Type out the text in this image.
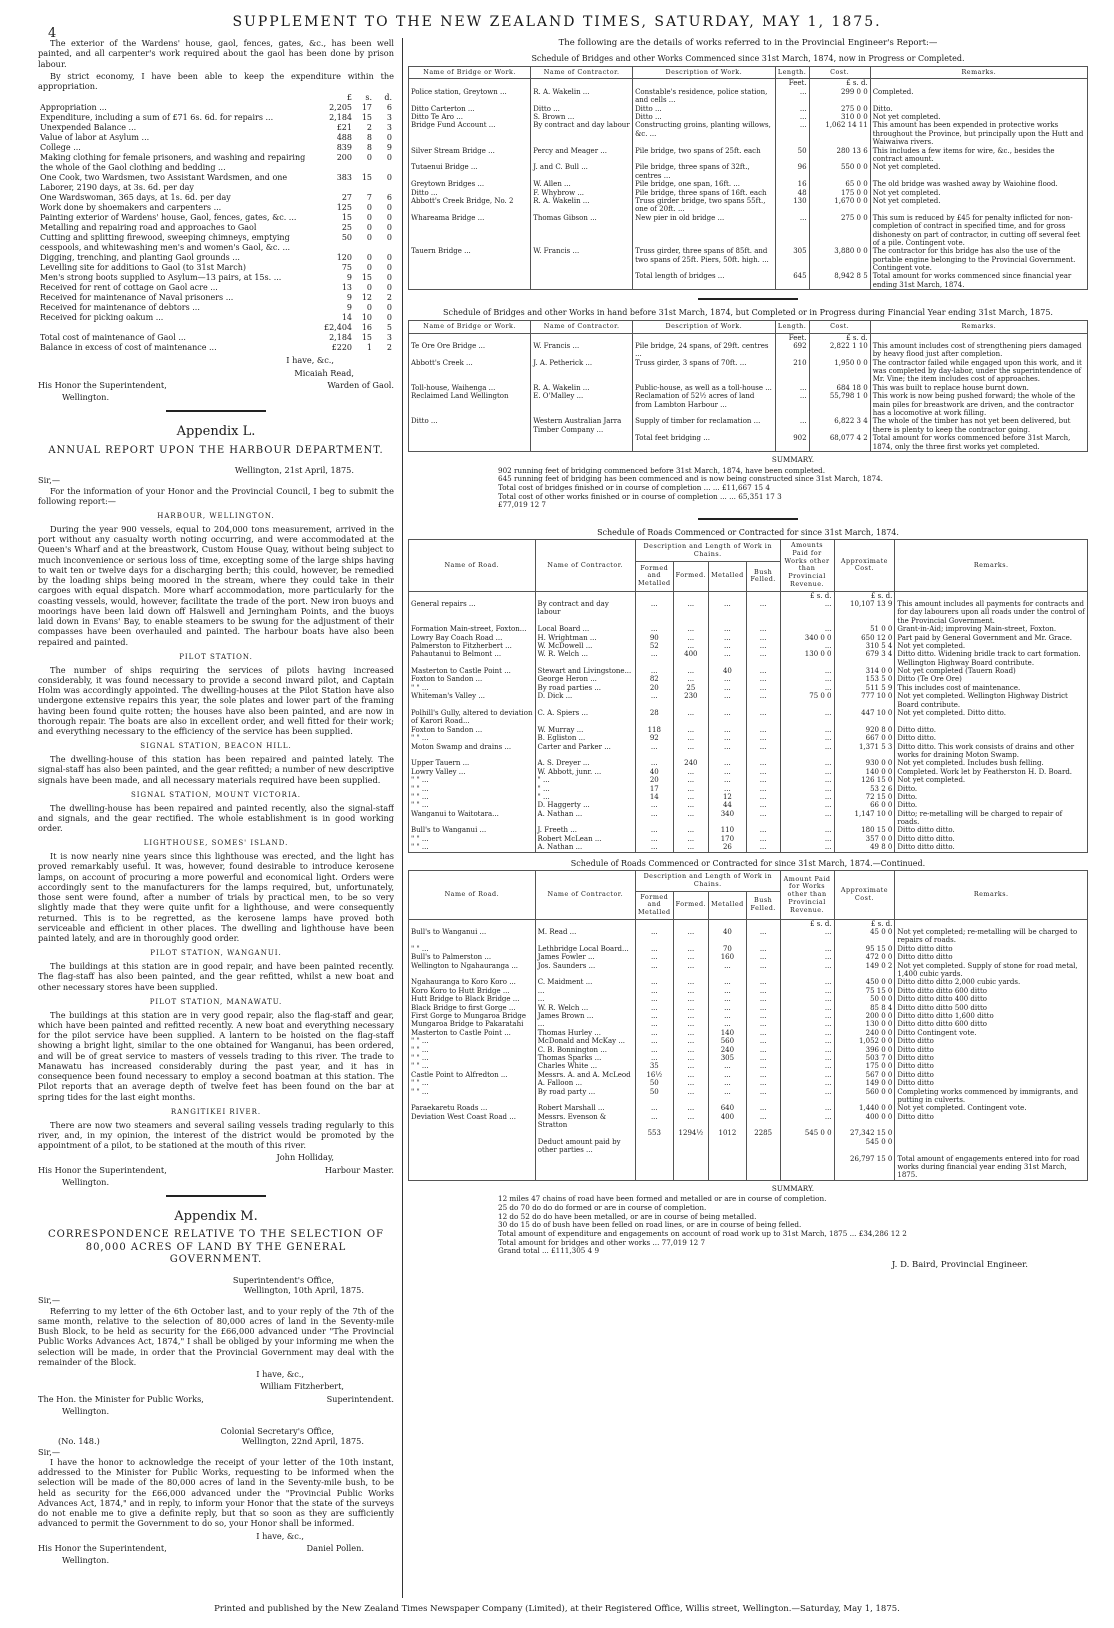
4
SUPPLEMENT TO THE NEW ZEALAND TIMES, SATURDAY, MAY 1, 1875.

The exterior of the Wardens' house, gaol, fences, gates, &c., has been well painted, and all carpenter's work required about the gaol has been done by prison labour.

By strict economy, I have been able to keep the expenditure within the appropriation.

	£	s.	d.
Appropriation ...	2,205	17	6
Expenditure, including a sum of £71 6s. 6d. for repairs ...	2,184	15	3
Unexpended Balance ...	£21	2	3
Value of labor at Asylum ...	488	8	0
College ...	839	8	9
Making clothing for female prisoners, and washing and repairing the whole of the Gaol clothing and bedding ...	200	0	0
One Cook, two Wardsmen, two Assistant Wardsmen, and one Laborer, 2190 days, at 3s. 6d. per day	383	15	0
One Wardswoman, 365 days, at 1s. 6d. per day	27	7	6
Work done by shoemakers and carpenters ...	125	0	0
Painting exterior of Wardens' house, Gaol, fences, gates, &c. ...	15	0	0
Metalling and repairing road and approaches to Gaol	25	0	0
Cutting and splitting firewood, sweeping chimneys, emptying cesspools, and whitewashing men's and women's Gaol, &c. ...	50	0	0
Digging, trenching, and planting Gaol grounds ...	120	0	0
Levelling site for additions to Gaol (to 31st March)	75	0	0
Men's strong boots supplied to Asylum—13 pairs, at 15s. ...	9	15	0
Received for rent of cottage on Gaol acre ...	13	0	0
Received for maintenance of Naval prisoners ...	9	12	2
Received for maintenance of debtors ...	9	0	0
Received for picking oakum ...	14	10	0
	£2,404	16	5
Total cost of maintenance of Gaol ...	2,184	15	3
Balance in excess of cost of maintenance ...	£220	1	2
I have, &c.,
Micaiah Read,
His Honor the Superintendent,	Warden of Gaol.
Wellington.
Appendix L.
ANNUAL REPORT UPON THE HARBOUR DEPARTMENT.
Wellington, 21st April, 1875.
Sir,—

For the information of your Honor and the Provincial Council, I beg to submit the following report:—

HARBOUR, WELLINGTON.

During the year 900 vessels, equal to 204,000 tons measurement, arrived in the port without any casualty worth noting occurring, and were accommodated at the Queen's Wharf and at the breastwork, Custom House Quay, without being subject to much inconvenience or serious loss of time, excepting some of the large ships having to wait ten or twelve days for a discharging berth; this could, however, be remedied by the loading ships being moored in the stream, where they could take in their cargoes with equal dispatch. More wharf accommodation, more particularly for the coasting vessels, would, however, facilitate the trade of the port. New iron buoys and moorings have been laid down off Halswell and Jerningham Points, and the buoys laid down in Evans' Bay, to enable steamers to be swung for the adjustment of their compasses have been overhauled and painted. The harbour boats have also been repaired and painted.

PILOT STATION.

The number of ships requiring the services of pilots having increased considerably, it was found necessary to provide a second inward pilot, and Captain Holm was accordingly appointed. The dwelling-houses at the Pilot Station have also undergone extensive repairs this year, the sole plates and lower part of the framing having been found quite rotten; the houses have also been painted, and are now in thorough repair. The boats are also in excellent order, and well fitted for their work; and everything necessary to the efficiency of the service has been supplied.

SIGNAL STATION, BEACON HILL.

The dwelling-house of this station has been repaired and painted lately. The signal-staff has also been painted, and the gear refitted; a number of new descriptive signals have been made, and all necessary materials required have been supplied.

SIGNAL STATION, MOUNT VICTORIA.

The dwelling-house has been repaired and painted recently, also the signal-staff and signals, and the gear rectified. The whole establishment is in good working order.

LIGHTHOUSE, SOMES' ISLAND.

It is now nearly nine years since this lighthouse was erected, and the light has proved remarkably useful. It was, however, found desirable to introduce kerosene lamps, on account of procuring a more powerful and economical light. Orders were accordingly sent to the manufacturers for the lamps required, but, unfortunately, those sent were found, after a number of trials by practical men, to be so very slightly made that they were quite unfit for a lighthouse, and were consequently returned. This is to be regretted, as the kerosene lamps have proved both serviceable and efficient in other places. The dwelling and lighthouse have been painted lately, and are in thoroughly good order.

PILOT STATION, WANGANUI.

The buildings at this station are in good repair, and have been painted recently. The flag-staff has also been painted, and the gear refitted, whilst a new boat and other necessary stores have been supplied.

PILOT STATION, MANAWATU.

The buildings at this station are in very good repair, also the flag-staff and gear, which have been painted and refitted recently. A new boat and everything necessary for the pilot service have been supplied. A lantern to be hoisted on the flag-staff showing a bright light, similar to the one obtained for Wanganui, has been ordered, and will be of great service to masters of vessels trading to this river. The trade to Manawatu has increased considerably during the past year, and it has in consequence been found necessary to employ a second boatman at this station. The Pilot reports that an average depth of twelve feet has been found on the bar at spring tides for the last eight months.

RANGITIKEI RIVER.

There are now two steamers and several sailing vessels trading regularly to this river, and, in my opinion, the interest of the district would be promoted by the appointment of a pilot, to be stationed at the mouth of this river.

John Holliday,
His Honor the Superintendent,	Harbour Master.
Wellington.
Appendix M.
CORRESPONDENCE RELATIVE TO THE SELECTION OF 80,000 ACRES OF LAND BY THE GENERAL GOVERNMENT.
Superintendent's Office,
Wellington, 10th April, 1875.
Sir,—

Referring to my letter of the 6th October last, and to your reply of the 7th of the same month, relative to the selection of 80,000 acres of land in the Seventy-mile Bush Block, to be held as security for the £66,000 advanced under "The Provincial Public Works Advances Act, 1874," I shall be obliged by your informing me when the selection will be made, in order that the Provincial Government may deal with the remainder of the Block.

I have, &c.,
William Fitzherbert,
The Hon. the Minister for Public Works,	Superintendent.
Wellington.
Colonial Secretary's Office,
(No. 148.)	Wellington, 22nd April, 1875.
Sir,—

I have the honor to acknowledge the receipt of your letter of the 10th instant, addressed to the Minister for Public Works, requesting to be informed when the selection will be made of the 80,000 acres of land in the Seventy-mile bush, to be held as security for the £66,000 advanced under the "Provincial Public Works Advances Act, 1874," and in reply, to inform your Honor that the state of the surveys do not enable me to give a definite reply, but that so soon as they are sufficiently advanced to permit the Government to do so, your Honor shall be informed.

I have, &c.,
His Honor the Superintendent,	Daniel Pollen.
Wellington.
The following are the details of works referred to in the Provincial Engineer's Report:—
Schedule of Bridges and other Works Commenced since 31st March, 1874, now in Progress or Completed.
Name of Bridge or Work.	Name of Contractor.	Description of Work.	Length.	Cost.	Remarks.
			Feet.	£ s. d.	
Police station, Greytown ...	R. A. Wakelin ...	Constable's residence, police station, and cells ...	...	299 0 0	Completed.
Ditto Carterton ...	Ditto ...	Ditto ...	...	275 0 0	Ditto.
Ditto Te Aro ...	S. Brown ...	Ditto ...	...	310 0 0	Not yet completed.
Bridge Fund Account ...	By contract and day labour	Constructing groins, planting willows, &c. ...	...	1,062 14 11	This amount has been expended in protective works throughout the Province, but principally upon the Hutt and Waiwaiwa rivers.
Silver Stream Bridge ...	Percy and Meager ...	Pile bridge, two spans of 25ft. each	50	280 13 6	This includes a few items for wire, &c., besides the contract amount.
Tutaenui Bridge ...	J. and C. Bull ...	Pile bridge, three spans of 32ft., centres ...	96	550 0 0	Not yet completed.
Greytown Bridges ...	W. Allen ...	Pile bridge, one span, 16ft. ...	16	65 0 0	The old bridge was washed away by Waiohine flood.
Ditto ...	F. Whybrow ...	Pile bridge, three spans of 16ft. each	48	175 0 0	Not yet completed.
Abbott's Creek Bridge, No. 2	R. A. Wakelin ...	Truss girder bridge, two spans 55ft., one of 20ft. ...	130	1,670 0 0	Not yet completed.
Whareama Bridge ...	Thomas Gibson ...	New pier in old bridge ...	...	275 0 0	This sum is reduced by £45 for penalty inflicted for non-completion of contract in specified time, and for gross dishonesty on part of contractor, in cutting off several feet of a pile. Contingent vote.
Tauern Bridge ...	W. Francis ...	Truss girder, three spans of 85ft. and two spans of 25ft. Piers, 50ft. high. ...	305	3,880 0 0	The contractor for this bridge has also the use of the portable engine belonging to the Provincial Government. Contingent vote.
		Total length of bridges ...	645	8,942 8 5	Total amount for works commenced since financial year ending 31st March, 1874.
Schedule of Bridges and other Works in hand before 31st March, 1874, but Completed or in Progress during Financial Year ending 31st March, 1875.
Name of Bridge or Work.	Name of Contractor.	Description of Work.	Length.	Cost.	Remarks.
			Feet.	£ s. d.	
Te Ore Ore Bridge ...	W. Francis ...	Pile bridge, 24 spans, of 29ft. centres ...	692	2,822 1 10	This amount includes cost of strengthening piers damaged by heavy flood just after completion.
Abbott's Creek ...	J. A. Petherick ...	Truss girder, 3 spans of 70ft. ...	210	1,950 0 0	The contractor failed while engaged upon this work, and it was completed by day-labor, under the superintendence of Mr. Vine; the item includes cost of approaches.
Toll-house, Waihenga ...	R. A. Wakelin ...	Public-house, as well as a toll-house ...	...	684 18 0	This was built to replace house burnt down.
Reclaimed Land Wellington	E. O'Malley ...	Reclamation of 52½ acres of land from Lambton Harbour ...	...	55,798 1 0	This work is now being pushed forward; the whole of the main piles for breastwork are driven, and the contractor has a locomotive at work filling.
Ditto ...	Western Australian Jarra Timber Company ...	Supply of timber for reclamation ...	...	6,822 3 4	The whole of the timber has not yet been delivered, but there is plenty to keep the contractor going.
		Total feet bridging ...	902	68,077 4 2	Total amount for works commenced before 31st March, 1874, only the three first works yet completed.
SUMMARY.
902 running feet of bridging commenced before 31st March, 1874, have been completed.
645 running feet of bridging has been commenced and is now being constructed since 31st March, 1874.
Total cost of bridges finished or in course of completion ... ... £11,667 15 4
Total cost of other works finished or in course of completion ... ... 65,351 17 3
£77,019 12 7
Schedule of Roads Commenced or Contracted for since 31st March, 1874.
Name of Road.	Name of Contractor.	Description and Length of Work in Chains.				Amounts Paid for Works other than Provincial Revenue.	Approximate Cost.	Remarks.
		Formed and Metalled	Formed.	Metalled	Bush Felled.			
						£ s. d.	£ s. d.	
General repairs ...	By contract and day labour	...	...	...	...	...	10,107 13 9	This amount includes all payments for contracts and for day labourers upon all roads under the control of the Provincial Government.
Formation Main-street, Foxton...	Local Board ...	...	...	...	...	...	51 0 0	Grant-in-Aid; improving Main-street, Foxton.
Lowry Bay Coach Road ...	H. Wrightman ...	90	...	...	...	340 0 0	650 12 0	Part paid by General Government and Mr. Grace.
Palmerston to Fitzherbert ...	W. McDowell ...	52	...	...	...	...	310 5 4	Not yet completed.
Pahautanui to Belmont ...	W. R. Welch ...	...	400	...	...	130 0 0	679 3 4	Ditto ditto. Widening bridle track to cart formation. Wellington Highway Board contribute.
Masterton to Castle Point ...	Stewart and Livingstone...	...	...	40	...	...	314 0 0	Not yet completed (Tauern Road)
Foxton to Sandon ...	George Heron ...	82	...	...	...	...	153 5 0	Ditto (Te Ore Ore)
" " ...	By road parties ...	20	25	...	...	...	511 5 9	This includes cost of maintenance.
Whiteman's Valley ...	D. Dick ...	...	230	...	...	75 0 0	777 10 0	Not yet completed. Wellington Highway District Board contribute.
Polhill's Gully, altered to deviation of Karori Road...	C. A. Spiers ...	28	...	...	...	...	447 10 0	Not yet completed. Ditto ditto.
Foxton to Sandon ...	W. Murray ...	118	...	...	...	...	920 8 0	Ditto ditto.
" " ...	B. Egliston ...	92	...	...	...	...	667 0 0	Ditto ditto.
Moton Swamp and drains ...	Carter and Parker ...	...	...	...	...	...	1,371 5 3	Ditto ditto. This work consists of drains and other works for draining Moton Swamp.
Upper Tauern ...	A. S. Dreyer ...	...	240	...	...	...	930 0 0	Not yet completed. Includes bush felling.
Lowry Valley ...	W. Abbott, junr. ...	40	...	...	...	...	140 0 0	Completed. Work let by Featherston H. D. Board.
" " ...	" ...	20	...	...	...	...	126 15 0	Not yet completed.
" " ...	" ...	17	...	...	...	...	53 2 6	Ditto.
" " ...	" ...	14	...	12	...	...	72 15 0	Ditto.
" " ...	D. Haggerty ...	...	...	44	...	...	66 0 0	Ditto.
Wanganui to Waitotara...	A. Nathan ...	...	...	340	...	...	1,147 10 0	Ditto; re-metalling will be charged to repair of roads.
Bull's to Wanganui ...	J. Freeth ...	...	...	110	...	...	180 15 0	Ditto ditto ditto.
" " ...	Robert McLean ...	...	...	170	...	...	357 0 0	Ditto ditto ditto.
" " ...	A. Nathan ...	...	...	26	...	...	49 8 0	Ditto ditto ditto.
Schedule of Roads Commenced or Contracted for since 31st March, 1874.—Continued.
Name of Road.	Name of Contractor.	Description and Length of Work in Chains.				Amount Paid for Works other than Provincial Revenue.	Approximate Cost.	Remarks.
		Formed and Metalled	Formed.	Metalled	Bush Felled.			
						£ s. d.	£ s. d.	
Bull's to Wanganui ...	M. Read ...	...	...	40	...	...	45 0 0	Not yet completed; re-metalling will be charged to repairs of roads.
" " ...	Lethbridge Local Board...	...	...	70	...	...	95 15 0	Ditto ditto ditto
Bull's to Palmerston ...	James Fowler ...	...	...	160	...	...	472 0 0	Ditto ditto ditto
Wellington to Ngahauranga ...	Jos. Saunders ...	...	...	...	...	...	149 0 2	Not yet completed. Supply of stone for road metal, 1,400 cubic yards.
Ngahauranga to Koro Koro ...	C. Maidment ...	...	...	...	...	...	450 0 0	Ditto ditto ditto 2,000 cubic yards.
Koro Koro to Hutt Bridge ...	...	...	...	...	...	...	75 15 0	Ditto ditto ditto 600 ditto
Hutt Bridge to Black Bridge ...	...	...	...	...	...	...	50 0 0	Ditto ditto ditto 400 ditto
Black Bridge to first Gorge ...	W. R. Welch ...	...	...	...	...	...	85 8 4	Ditto ditto ditto 500 ditto
First Gorge to Mungaroa Bridge	James Brown ...	...	...	...	...	...	200 0 0	Ditto ditto ditto 1,600 ditto
Mungaroa Bridge to Pakaratahi	...	...	...	...	...	...	130 0 0	Ditto ditto ditto 600 ditto
Masterton to Castle Point ...	Thomas Hurley ...	...	...	140	...	...	240 0 0	Ditto Contingent vote.
" " ...	McDonald and McKay ...	...	...	560	...	...	1,052 0 0	Ditto ditto
" " ...	C. B. Bonnington ...	...	...	240	...	...	396 0 0	Ditto ditto
" " ...	Thomas Sparks ...	...	...	305	...	...	503 7 0	Ditto ditto
" " ...	Charles White ...	35	...	...	...	...	175 0 0	Ditto ditto
Castle Point to Alfredton ...	Messrs. A. and A. McLeod	16½	...	...	...	...	567 0 0	Ditto ditto
" " ...	A. Falloon ...	50	...	...	...	...	149 0 0	Ditto ditto
" " ...	By road party ...	50	...	...	...	...	560 0 0	Completing works commenced by immigrants, and putting in culverts.
Paraekaretu Roads ...	Robert Marshall ...	...	...	640	...	...	1,440 0 0	Not yet completed. Contingent vote.
Deviation West Coast Road ...	Messrs. Evenson & Stratton	...	...	400	...	...	400 0 0	Ditto ditto
		553	1294½	1012	2285	545 0 0	27,342 15 0	
	Deduct amount paid by other parties ...						545 0 0	
							26,797 15 0	Total amount of engagements entered into for road works during financial year ending 31st March, 1875.
SUMMARY.
12 miles 47 chains of road have been formed and metalled or are in course of completion.
25 do 70 do do do formed or are in course of completion.
12 do 52 do do have been metalled, or are in course of being metalled.
30 do 15 do of bush have been felled on road lines, or are in course of being felled.
Total amount of expenditure and engagements on account of road work up to 31st March, 1875 ... £34,286 12 2
Total amount for bridges and other works ... 77,019 12 7
Grand total ... £111,305 4 9
J. D. Baird, Provincial Engineer.
Printed and published by the New Zealand Times Newspaper Company (Limited), at their Registered Office, Willis street, Wellington.—Saturday, May 1, 1875.
